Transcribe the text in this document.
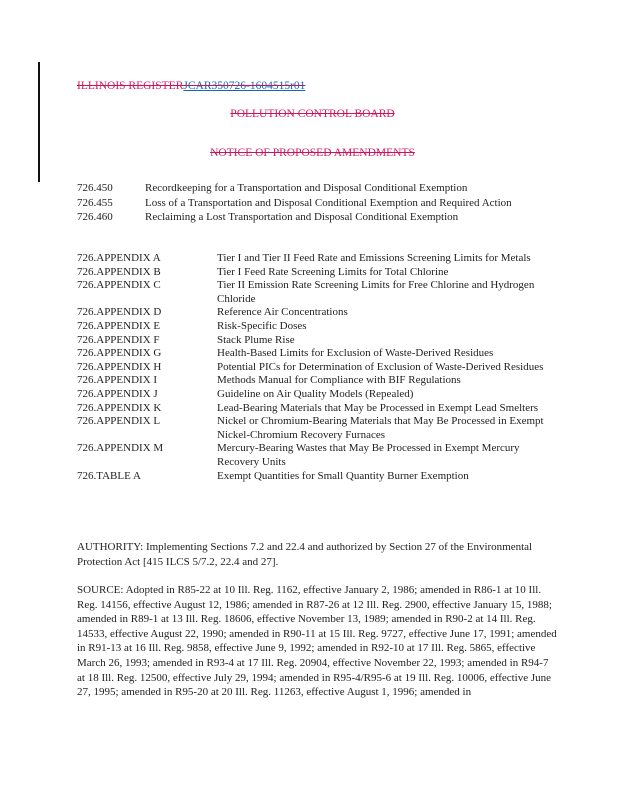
ILLINOIS REGISTERJCAR350726-1604515r01
POLLUTION CONTROL BOARD
NOTICE OF PROPOSED AMENDMENTS
726.450	Recordkeeping for a Transportation and Disposal Conditional Exemption
726.455	Loss of a Transportation and Disposal Conditional Exemption and Required Action
726.460	Reclaiming a Lost Transportation and Disposal Conditional Exemption
726.APPENDIX A	Tier I and Tier II Feed Rate and Emissions Screening Limits for Metals
726.APPENDIX B	Tier I Feed Rate Screening Limits for Total Chlorine
726.APPENDIX C	Tier II Emission Rate Screening Limits for Free Chlorine and Hydrogen Chloride
726.APPENDIX D	Reference Air Concentrations
726.APPENDIX E	Risk-Specific Doses
726.APPENDIX F	Stack Plume Rise
726.APPENDIX G	Health-Based Limits for Exclusion of Waste-Derived Residues
726.APPENDIX H	Potential PICs for Determination of Exclusion of Waste-Derived Residues
726.APPENDIX I	Methods Manual for Compliance with BIF Regulations
726.APPENDIX J	Guideline on Air Quality Models (Repealed)
726.APPENDIX K	Lead-Bearing Materials that May be Processed in Exempt Lead Smelters
726.APPENDIX L	Nickel or Chromium-Bearing Materials that May Be Processed in Exempt Nickel-Chromium Recovery Furnaces
726.APPENDIX M	Mercury-Bearing Wastes that May Be Processed in Exempt Mercury Recovery Units
726.TABLE A	Exempt Quantities for Small Quantity Burner Exemption
AUTHORITY: Implementing Sections 7.2 and 22.4 and authorized by Section 27 of the Environmental Protection Act [415 ILCS 5/7.2, 22.4 and 27].
SOURCE: Adopted in R85-22 at 10 Ill. Reg. 1162, effective January 2, 1986; amended in R86-1 at 10 Ill. Reg. 14156, effective August 12, 1986; amended in R87-26 at 12 Ill. Reg. 2900, effective January 15, 1988; amended in R89-1 at 13 Ill. Reg. 18606, effective November 13, 1989; amended in R90-2 at 14 Ill. Reg. 14533, effective August 22, 1990; amended in R90-11 at 15 Ill. Reg. 9727, effective June 17, 1991; amended in R91-13 at 16 Ill. Reg. 9858, effective June 9, 1992; amended in R92-10 at 17 Ill. Reg. 5865, effective March 26, 1993; amended in R93-4 at 17 Ill. Reg. 20904, effective November 22, 1993; amended in R94-7 at 18 Ill. Reg. 12500, effective July 29, 1994; amended in R95-4/R95-6 at 19 Ill. Reg. 10006, effective June 27, 1995; amended in R95-20 at 20 Ill. Reg. 11263, effective August 1, 1996; amended in
